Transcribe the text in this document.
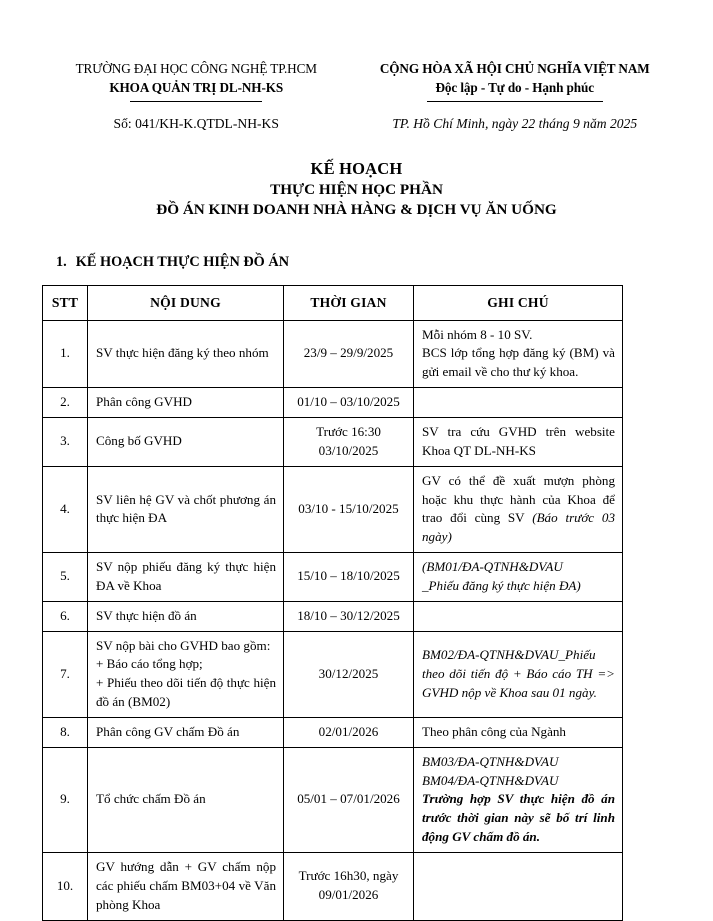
TRƯỜNG ĐẠI HỌC CÔNG NGHỆ TP.HCM
KHOA QUẢN TRỊ DL-NH-KS
Số: 041/KH-K.QTDL-NH-KS
CỘNG HÒA XÃ HỘI CHỦ NGHĨA VIỆT NAM
Độc lập - Tự do - Hạnh phúc
TP. Hồ Chí Minh, ngày 22 tháng 9 năm 2025
KẾ HOẠCH
THỰC HIỆN HỌC PHẦN
ĐỒ ÁN KINH DOANH NHÀ HÀNG & DỊCH VỤ ĂN UỐNG
1. KẾ HOẠCH THỰC HIỆN ĐỒ ÁN
STT	NỘI DUNG	THỜI GIAN	GHI CHÚ
1.	SV thực hiện đăng ký theo nhóm	23/9 – 29/9/2025	Mỗi nhóm 8 - 10 SV.
BCS lớp tổng hợp đăng ký (BM) và gửi email về cho thư ký khoa.
2.	Phân công GVHD	01/10 – 03/10/2025	
3.	Công bố GVHD	Trước 16:30
03/10/2025	SV tra cứu GVHD trên website Khoa QT DL-NH-KS
4.	SV liên hệ GV và chốt phương án thực hiện ĐA	03/10 - 15/10/2025	GV có thể đề xuất mượn phòng hoặc khu thực hành của Khoa để trao đổi cùng SV (Báo trước 03 ngày)
5.	SV nộp phiếu đăng ký thực hiện ĐA về Khoa	15/10 – 18/10/2025	(BM01/ĐA-QTNH&DVAU
_Phiếu đăng ký thực hiện ĐA)

6.	SV thực hiện đồ án	18/10 – 30/12/2025	
7.	SV nộp bài cho GVHD bao gồm:
+ Báo cáo tổng hợp;
+ Phiếu theo dõi tiến độ thực hiện đồ án (BM02)	30/12/2025	BM02/ĐA-QTNH&DVAU_Phiếu theo dõi tiến độ + Báo cáo TH => GVHD nộp về Khoa sau 01 ngày.
8.	Phân công GV chấm Đồ án	02/01/2026	Theo phân công của Ngành
9.	Tổ chức chấm Đồ án	05/01 – 07/01/2026	BM03/ĐA-QTNH&DVAU
BM04/ĐA-QTNH&DVAU
Trường hợp SV thực hiện đồ án trước thời gian này sẽ bố trí linh động GV chấm đồ án.
10.	GV hướng dẫn + GV chấm nộp các phiếu chấm BM03+04 về Văn phòng Khoa	Trước 16h30, ngày
09/01/2026	
